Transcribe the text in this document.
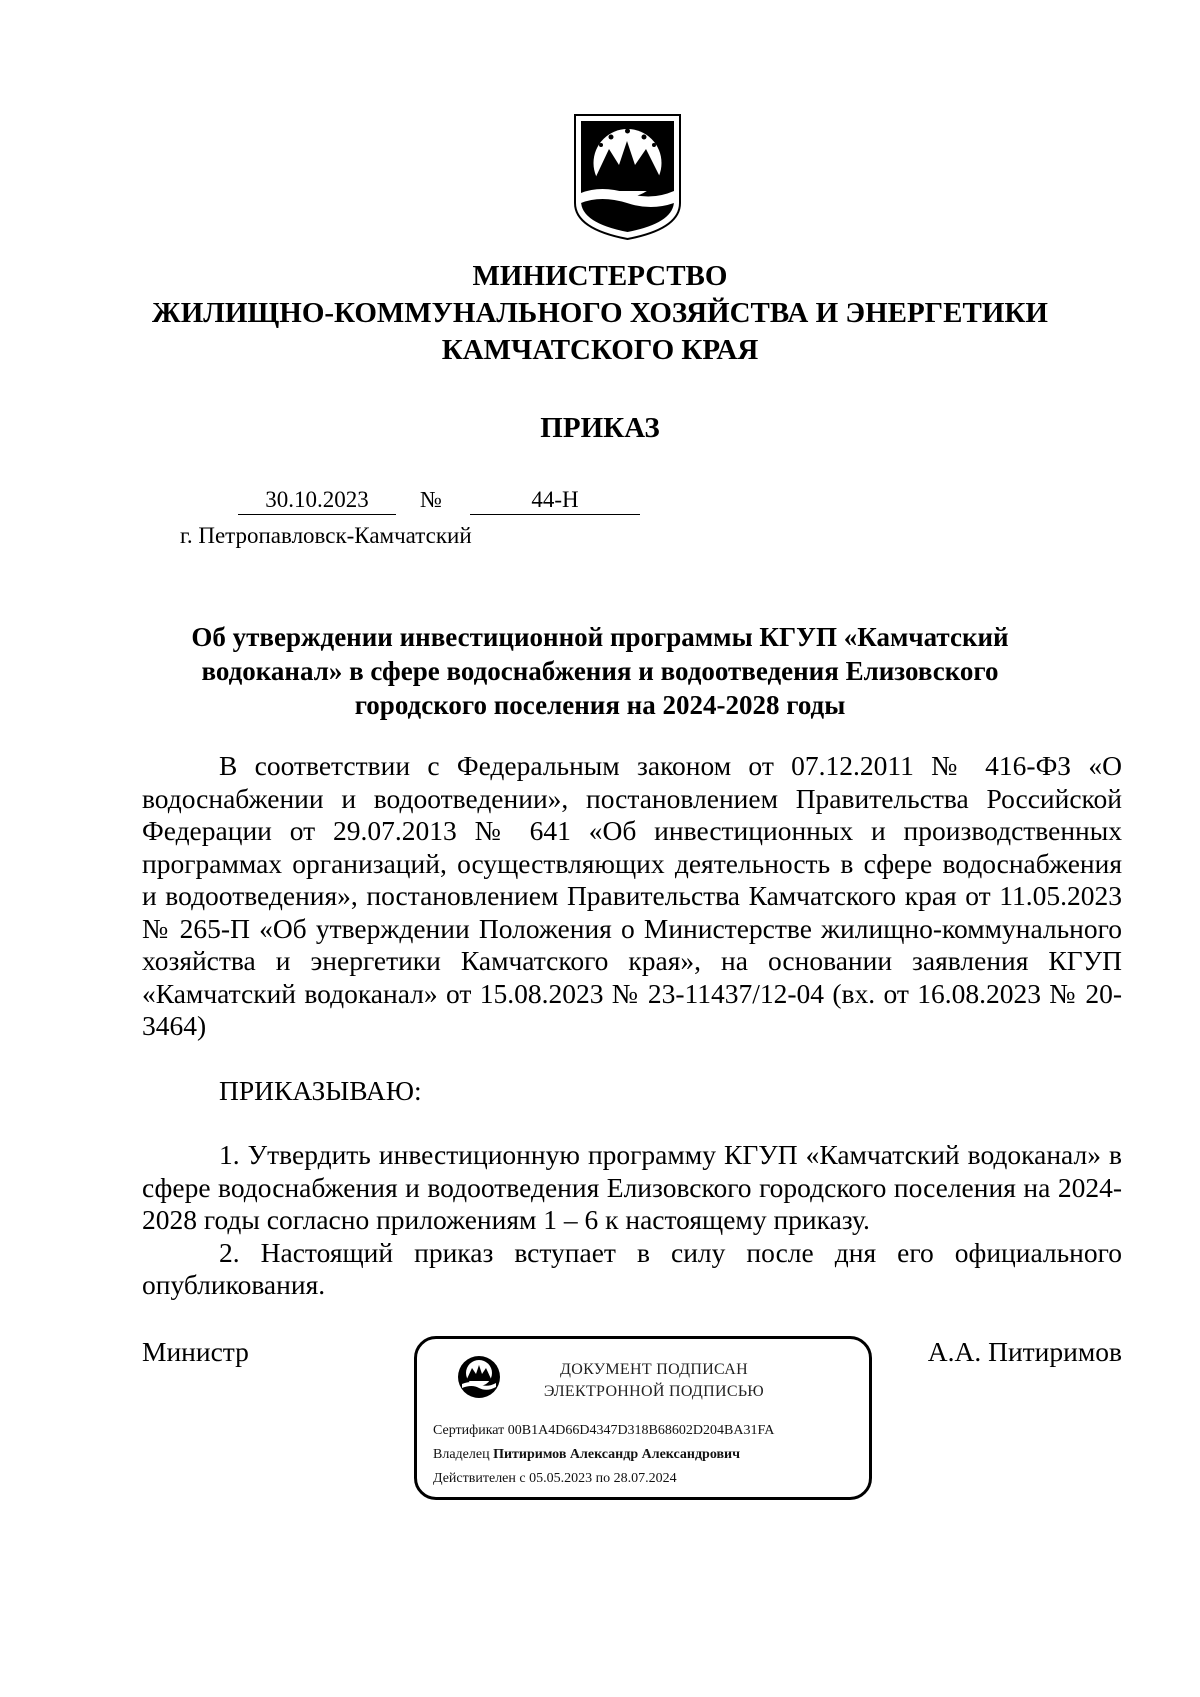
МИНИСТЕРСТВО
ЖИЛИЩНО-КОММУНАЛЬНОГО ХОЗЯЙСТВА И ЭНЕРГЕТИКИ
КАМЧАТСКОГО КРАЯ
ПРИКАЗ
30.10.2023	№	44-Н
г. Петропавловск-Камчатский
Об утверждении инвестиционной программы КГУП «Камчатский
водоканал» в сфере водоснабжения и водоотведения Елизовского
городского поселения на 2024-2028 годы

В соответствии с Федеральным законом от 07.12.2011 № 416-ФЗ «О водоснабжении и водоотведении», постановлением Правительства Российской Федерации от 29.07.2013 № 641 «Об инвестиционных и производственных программах организаций, осуществляющих деятельность в сфере водоснабжения и водоотведения», постановлением Правительства Камчатского края от 11.05.2023 № 265-П «Об утверждении Положения о Министерстве жилищно-коммунального хозяйства и энергетики Камчатского края», на основании заявления КГУП «Камчатский водоканал» от 15.08.2023 № 23-11437/12-04 (вх. от 16.08.2023 № 20-3464)

ПРИКАЗЫВАЮ:

1. Утвердить инвестиционную программу КГУП «Камчатский водоканал» в сфере водоснабжения и водоотведения Елизовского городского поселения на 2024-2028 годы согласно приложениям 1 – 6 к настоящему приказу.

2. Настоящий приказ вступает в силу после дня его официального опубликования.

Министр	А.А. Питиримов
ДОКУМЕНТ ПОДПИСАН
ЭЛЕКТРОННОЙ ПОДПИСЬЮ
Сертификат 00B1A4D66D4347D318B68602D204BA31FA
Владелец Питиримов Александр Александрович
Действителен с 05.05.2023 по 28.07.2024
